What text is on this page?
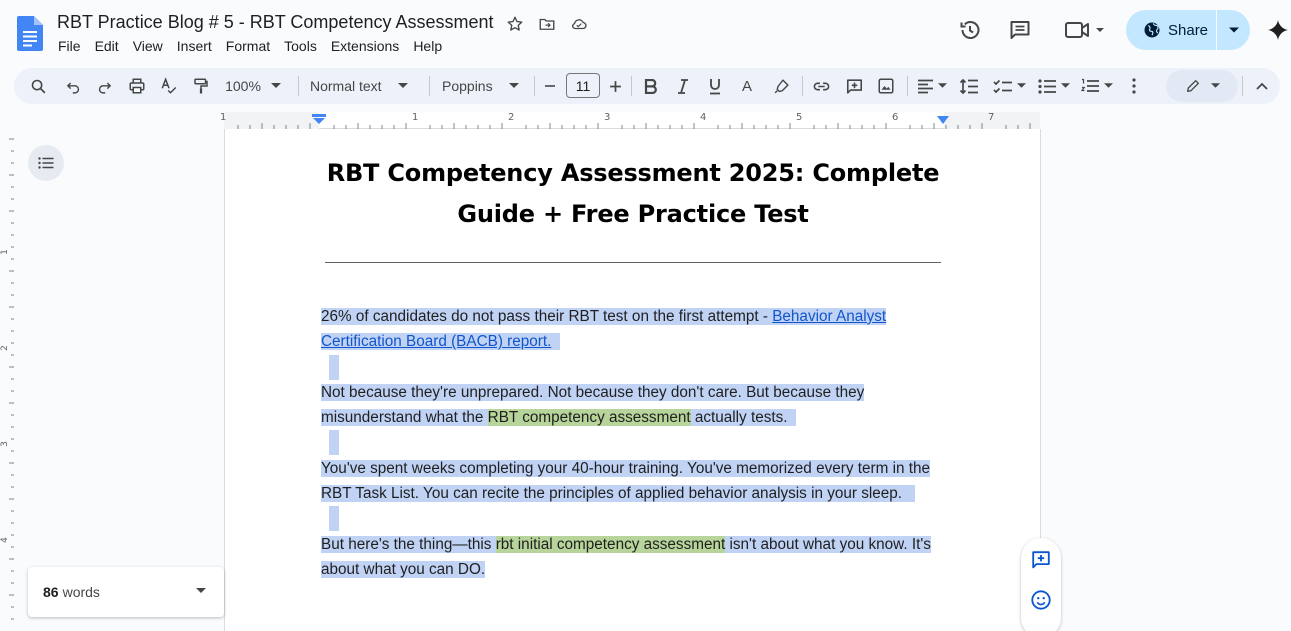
RBT Practice Blog # 5 - RBT Competency Assessment
File	Edit	View	Insert	Format	Tools	Extensions	Help
Share
100%	Normal text	Poppins	11	A
1	1	2	3	4	5	6	7
1
2
3
4
RBT Competency Assessment 2025: Complete Guide + Free Practice Test

26% of candidates do not pass their RBT test on the first attempt - Behavior Analyst Certification Board (BACB) report.

Not because they're unprepared. Not because they don't care. But because they misunderstand what the RBT competency assessment actually tests.

You've spent weeks completing your 40-hour training. You've memorized every term in the RBT Task List. You can recite the principles of applied behavior analysis in your sleep.

But here's the thing—this rbt initial competency assessment isn't about what you know. It's about what you can DO.

86 words
